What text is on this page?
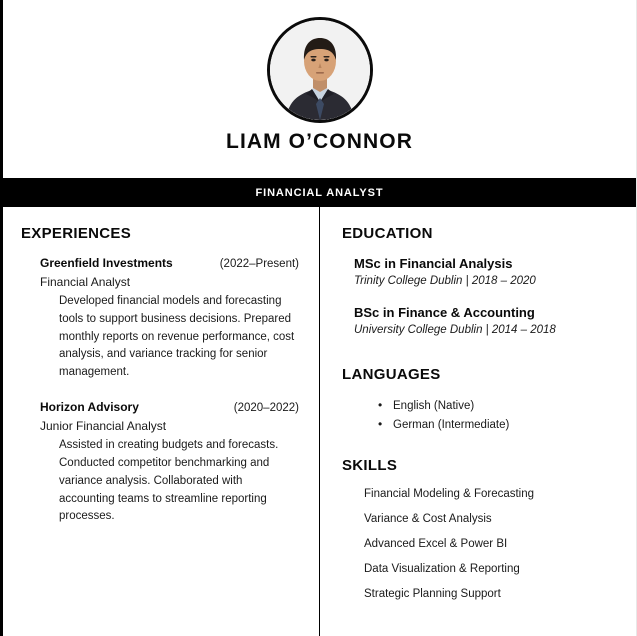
LIAM O’CONNOR
FINANCIAL ANALYST
EXPERIENCES
Greenfield Investments	(2022–Present)
Financial Analyst
Developed financial models and forecasting tools to support business decisions. Prepared monthly reports on revenue performance, cost analysis, and variance tracking for senior management.
Horizon Advisory	(2020–2022)
Junior Financial Analyst
Assisted in creating budgets and forecasts. Conducted competitor benchmarking and variance analysis. Collaborated with accounting teams to streamline reporting processes.
EDUCATION
MSc in Financial Analysis
Trinity College Dublin | 2018 – 2020
BSc in Finance & Accounting
University College Dublin | 2014 – 2018
LANGUAGES
• English (Native)
• German (Intermediate)
SKILLS
Financial Modeling & Forecasting
Variance & Cost Analysis
Advanced Excel & Power BI
Data Visualization & Reporting
Strategic Planning Support
